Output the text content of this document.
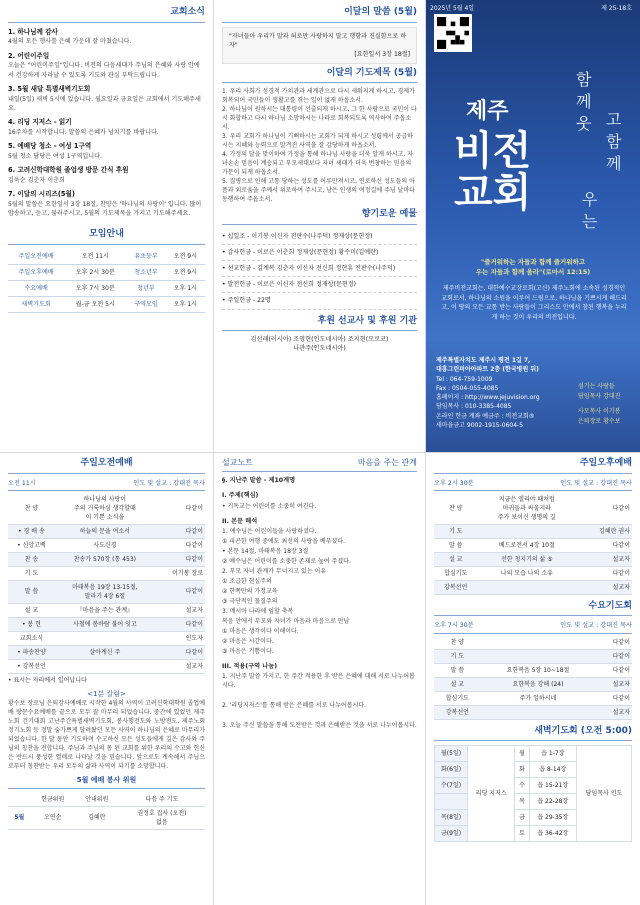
교회소식
1. 하나님께 감사

4월의 모든 행사를 은혜 가운데 잘 마쳤습니다.

2. 어린이주일

오늘은 "어린이주일"입니다. 비전의 다음세대가 주님의 은혜와 사랑 안에서 건강하게 자라날 수 있도록 기도와 관심 부탁드립니다.

3. 5월 새달 특별새벽기도회

내일(5일) 새벽 5시에 있습니다. 월요일과 금요일은 교회에서 기도해주세요.

4. 리딩 지저스 - 읽기

16주차를 시작합니다. 말씀의 은혜가 넘치기를 바랍니다.

5. 예배당 청소 - 여성 1구역

5월 청소 담당은 여성 1구역입니다.

6. 고려신학대학원 졸업생 방문 간식 후원

김욱순 김춘자 이춘희

7. 이달의 시리즈(5월)

5월의 말씀은 요한일서 3장 18절, 찬양은 '하나님의 사랑이' 입니다. 많이 암송하고, 듣고, 불러주시고, 5월의 기도제목을 가지고 기도해주세요.

모임안내
주일오전예배	오전 11시	유초등부	오전 9시
주일오후예배	오후 2시 30분	청소년부	오전 9시
수요예배	오후 7시 30분	청년부	오후 1시
새벽기도회	월-금 오전 5시	구역모임	오후 1시
이달의 말씀 (5월)

"자녀들아 우리가 말과 혀로만 사랑하지 말고 행함과 진실함으로 하자"

[요한일서 3장 18절]

이달의 기도제목 (5월)

1. 우리 사회가 성경적 가치관과 세계관으로 다시 세워지게 하시고, 경제가 회복되어 국민들이 생활고를 겪는 일이 없게 하옵소서.

2. 하나님이 원하시는 대통령이 선출되게 하시고, 그 한 사람으로 국민이 다시 화합하고 다시 하나님 소망하시는 나라로 회복되도록 역사하여 주옵소서.

3. 우리 교회가 하나님이 기뻐하시는 교회가 되게 하시고 성령께서 공급하시는 지혜와 능력으로 말겨진 사역을 잘 감당하게 하옵소서.

4. 가정의 달을 맞이하여 가정을 통해 하나님 사랑을 더욱 알게 하시고, 자녀손손 믿음이 계승되고 부모세대보다 자녀 세대가 더욱 번창하는 믿음의 가문이 되게 하옵소서.

5. 질병으로 인해 고통 당하는 성도를 어루만져시고, 연로하신 성도들의 아픔과 외로움을 주께서 위로하여 주시고, 남은 인생의 여정길에 주님 날마다 동행하여 주옵소서.

향기로운 예물
• 십일조 - 이기봉 이신자 전판수(나주덕) 정재상(문현정)
• 감사헌금 - 이로은 이춘희 정재상(문현정) 황수미(김예란)
• 선교헌금 - 김계복 김춘자 이신자 전신희 정현휴 전판수(나주덕)
• 발전헌금 - 이로은 이신자 전신희 정재상(문현정)
• 주일헌금 - 22명
후원 선교사 및 후원 기관

김선래(러시아) 조영현(인도네시아) 조지현(모로코)

나관주(인도네시아)

2025년 5월 4일	제 25-18호
제주
비전
교회
함
께
웃 고
함
께
우
는
"즐거워하는 자들과 함께 즐거워하고
우는 자들과 함께 울라"(로마서 12:15)

제주비전교회는, 대한예수교장로회(고신) 제주노회에 소속된 성경적인 교회로서, 하나님의 소원을 이루어 드림으로, 하나님을 기쁘시게 해드리고, 이 땅의 모든 교통 받는 사람들이 그리스도 안에서 참된 행복을 누리게 하는 것이 우리의 비전입니다.

제주특별자치도 제주시 평전 1길 7,
대흥그린피아아파트 2층 (한국병원 뒤)
Tel : 064-759-1009
Fax : 0504-055-4085
홈페이지 : http://www.jejuvision.org
담임목사 : 010-3385-4085
온라인 헌금 계좌 예금주 : 비전교회®
새마을금고 9002-1915-0604-5
섬기는 사람들
담임목사 강대진
사모목사 이기봉
은퇴장로 황수보
주일오전예배
오전 11시	인도 및 설교 : 강대진 목사
찬 양	하나님의 사랑이
주의 거룩하심 생각할때
이 기쁜 소식을	다같이

• 경 배 송	하늘의 문을 여소서	다같이

• 신앙고백	사도신경	다같이

찬 송	찬송가 570장 (통 453)	다같이

기 도		이기봉 장로

말 씀	마태복음 19장 13-15절,
말라기 4장 6절	다같이

설 교	『마음을 주는 관계』	설교자

• 봉 헌	사철에 봄바람 불어 잇고	다같이

교회소식		인도자

• 파송찬양	살아계신 주	다같이

• 강복선언		설교자

• 표시는 자리에서 일어납니다

<1분 칼럼>

황수보 장로님 은퇴감사예배로 시작한 4월의 사역이 고려신학대학원 졸업예배 방문수요예배를 끝으로 모두 잘 마무리 되었습니다. 중간에 있었던 제주노회 건기대회 고난주간특별새벽기도회, 봉사행전도와 노방전도, 제주노회 정기노회 등 정말 숨가쁘게 달려왔던 모든 사역이 하나님의 은혜로 마무리가 되었습니다. 한 달 동안 기도하며 수고하신 모든 성도들에게 깊은 감사와 주님의 칭찬을 전합니다. 주님과 주님의 몸 된 교회를 위한 우리의 수고와 헌신은 반드시 풍성한 열매로 나타날 것을 믿습니다. 앞으로도 계속해서 주님으로부터 칭찬받는 우리 모두의 삶과 사역이 되기를 소망합니다.

5월 예배 봉사 위원
	헌금위원	안내위원	다음 주 기도
5월	오연순	김혜란	권정호 집사 (오전)
없음
설교노트	마음을 주는 관계

§. 지난주 말씀 - 제10계명

I. 주제(핵심)

• 기독교는 어린이를 소중히 여긴다.

II. 본문 해석

1. 예수님은 어린이들을 사랑하셨다.

① 피곤한 여행 중에도 최선의 사랑을 베푸셨다.

• 본문 14절, 마태복음 18장 3절

② 예수님은 어린이를 소중한 존재로 높여 주셨다.

2. 부모 자녀 관계가 무너지고 있는 이유

① 조급한 현실주의

② 한쪽만의 가정교육

③ 극단적인 물질주의

3. 메시아 나라에 임할 축복

복음 안에서 부모와 자녀가 마음과 마음으로 만남

① 마음은 생각이다 이해이다.

② 마음은 시간이다.

③ 마음은 기쁨이다.

III. 적용(구역 나눔)

1. 지난주 말씀 가지고, 한 주간 적용한 후 받은 은혜에 대해 서로 나누어봅시다.

2. '리딩지저스'를 통해 받은 은혜를 서로 나누어봅시다.

3. 오늘 주신 말씀을 통해 도전받은 것과 은혜받은 것을 서로 나누어봅시다.

주일오후예배
오후 2시 30분	인도 및 설교 : 강대진 목사
찬 양	지금은 엘리야 때처럼
마귀들과 싸울지라
주가 보이신 생명의 길	다같이

기 도		김혜란 권사

말 씀	베드로전서 4장 10절	다같이

설 교	선한 청지기의 삶 ⑤	설교자

합심기도	나의 모습 나의 소유	다같이

강복선언		설교자
수요기도회
오후 7시 30분	인도 및 설교 : 강대진 목사
찬 양		다같이

기 도		다같이

말 씀	요한복음 5장 10~18절	다같이

설 교	요한복음 강해 (24)	설교자

합심기도	주가 일하시네	다같이

강복선언		설교자
새벽기도회 (오전 5:00)
월(5일)	리딩 지저스	월	읍 1-7장	담임목사 인도
화(6일)		화	읍 8-14장	
수(7일)		수	읍 15-21장	
		목	읍 22-28장	
목(8일)		금	읍 29-35장	
금(9일)		토	읍 36-42장	
